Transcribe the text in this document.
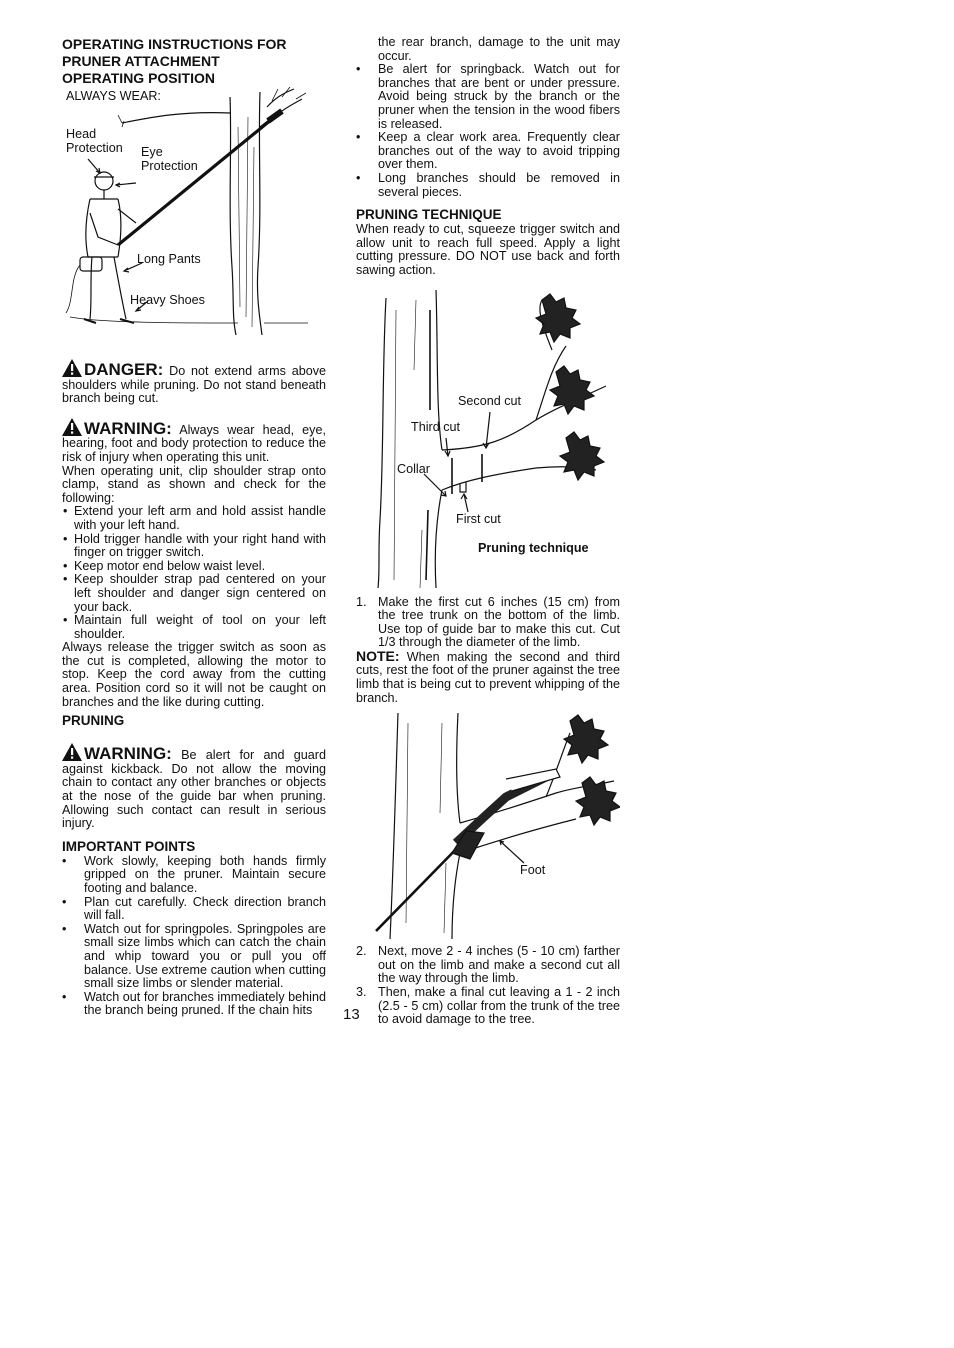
OPERATING INSTRUCTIONS FOR
PRUNER ATTACHMENT
OPERATING POSITION
ALWAYS WEAR:
Head
Protection Eye
Protection
Long Pants
Heavy Shoes

DANGER: Do not extend arms above shoulders while pruning. Do not stand beneath branch being cut.

WARNING: Always wear head, eye, hearing, foot and body protection to reduce the risk of injury when operating this unit.

When operating unit, clip shoulder strap onto clamp, stand as shown and check for the following:

• Extend your left arm and hold assist handle with your left hand.
• Hold trigger handle with your right hand with finger on trigger switch.
• Keep motor end below waist level.
• Keep shoulder strap pad centered on your left shoulder and danger sign centered on your back.
• Maintain full weight of tool on your left shoulder.

Always release the trigger switch as soon as the cut is completed, allowing the motor to stop. Keep the cord away from the cutting area. Position cord so it will not be caught on branches and the like during cutting.

PRUNING

WARNING: Be alert for and guard against kickback. Do not allow the moving chain to contact any other branches or objects at the nose of the guide bar when pruning. Allowing such contact can result in serious injury.

IMPORTANT POINTS
• Work slowly, keeping both hands firmly gripped on the pruner. Maintain secure footing and balance.
• Plan cut carefully. Check direction branch will fall.
• Watch out for springpoles. Springpoles are small size limbs which can catch the chain and whip toward you or pull you off balance. Use extreme caution when cutting small size limbs or slender material.
• Watch out for branches immediately behind the branch being pruned. If the chain hits

the rear branch, damage to the unit may occur.

• Be alert for springback. Watch out for branches that are bent or under pressure. Avoid being struck by the branch or the pruner when the tension in the wood fibers is released.
• Keep a clear work area. Frequently clear branches out of the way to avoid tripping over them.
• Long branches should be removed in several pieces.
PRUNING TECHNIQUE

When ready to cut, squeeze trigger switch and allow unit to reach full speed. Apply a light cutting pressure. DO NOT use back and forth sawing action.

Second cut
Third cut
Collar
First cut
Pruning technique
1. Make the first cut 6 inches (15 cm) from the tree trunk on the bottom of the limb. Use top of guide bar to make this cut. Cut 1/3 through the diameter of the limb.

NOTE: When making the second and third cuts, rest the foot of the pruner against the tree limb that is being cut to prevent whipping of the branch.

Foot
2. Next, move 2 - 4 inches (5 - 10 cm) farther out on the limb and make a second cut all the way through the limb.
3. Then, make a final cut leaving a 1 - 2 inch (2.5 - 5 cm) collar from the trunk of the tree to avoid damage to the tree.
13
